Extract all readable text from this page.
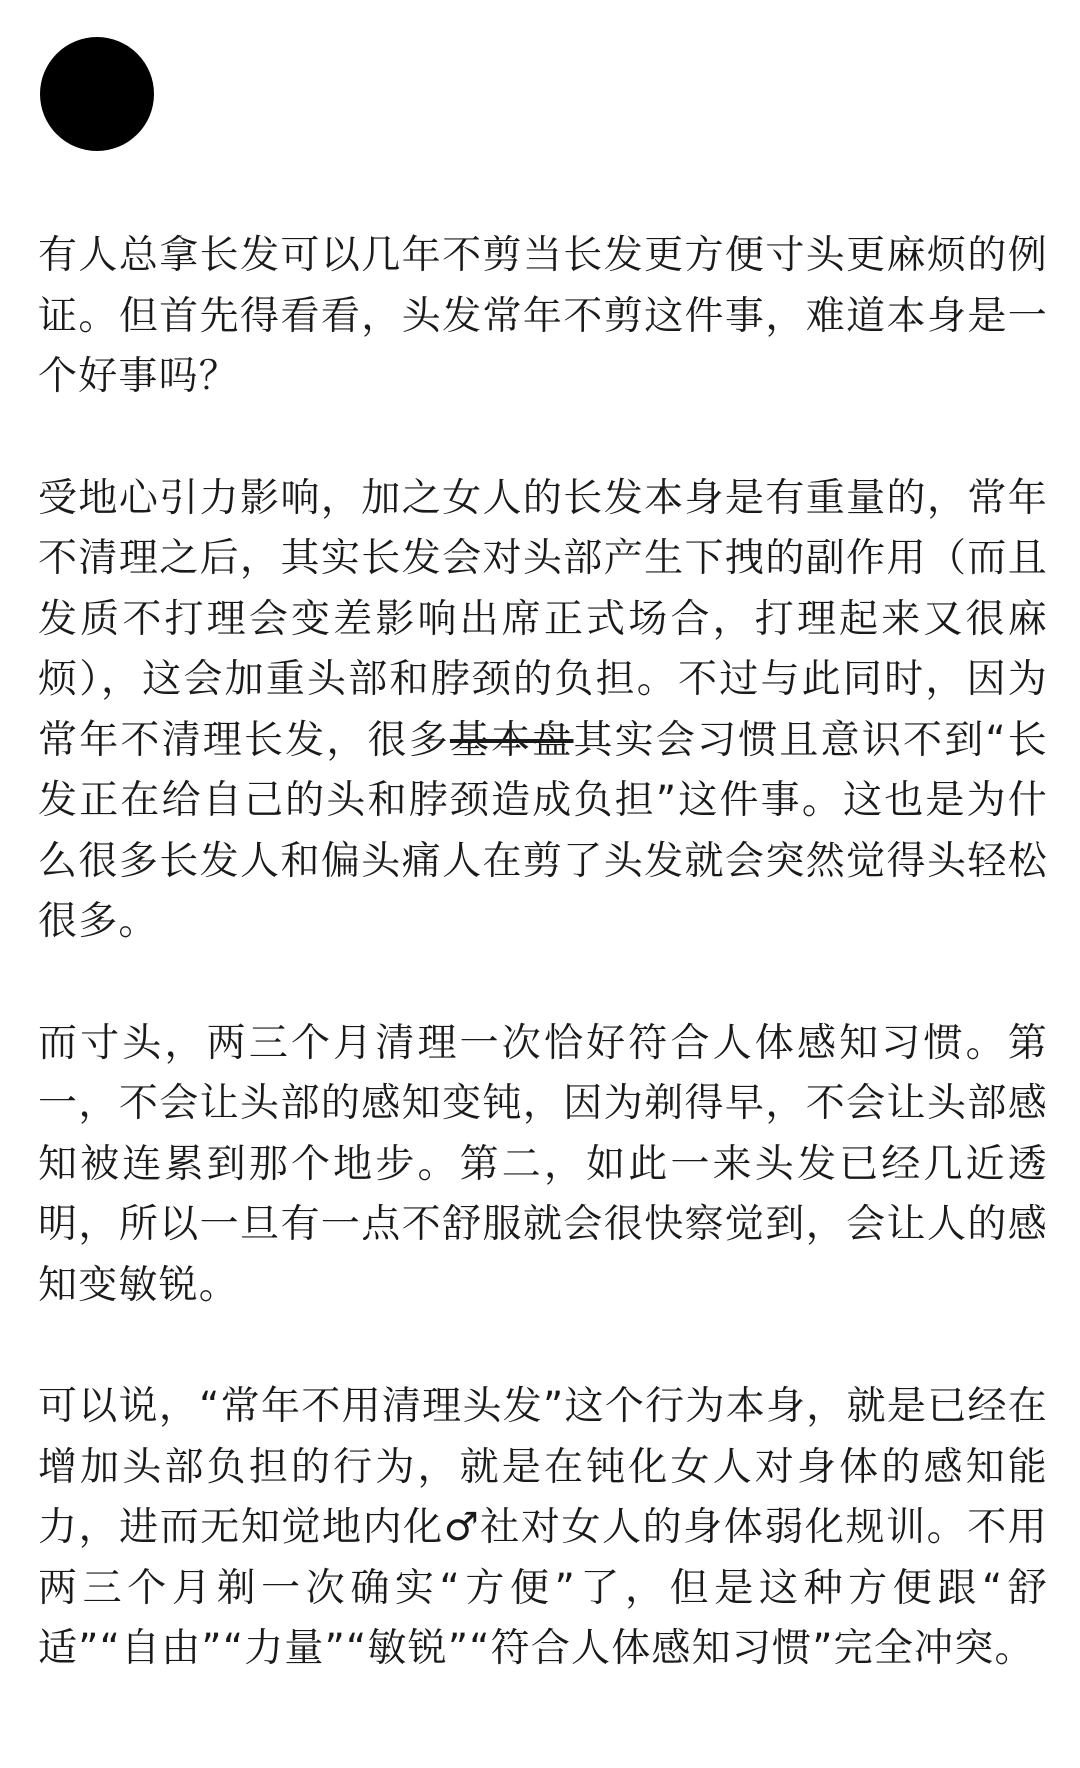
有人总拿长发可以几年不剪当长发更方便寸头更麻烦的例证。但首先得看看，头发常年不剪这件事，难道本身是一个好事吗？

受地心引力影响，加之女人的长发本身是有重量的，常年不清理之后，其实长发会对头部产生下拽的副作用（而且发质不打理会变差影响出席正式场合，打理起来又很麻烦），这会加重头部和脖颈的负担。不过与此同时，因为常年不清理长发，很多基本盘其实会习惯且意识不到“长发正在给自己的头和脖颈造成负担”这件事。这也是为什么很多长发人和偏头痛人在剪了头发就会突然觉得头轻松很多。

而寸头，两三个月清理一次恰好符合人体感知习惯。第一，不会让头部的感知变钝，因为剃得早，不会让头部感知被连累到那个地步。第二，如此一来头发已经几近透明，所以一旦有一点不舒服就会很快察觉到，会让人的感知变敏锐。

可以说，“常年不用清理头发”这个行为本身，就是已经在增加头部负担的行为，就是在钝化女人对身体的感知能力，进而无知觉地内化♂社对女人的身体弱化规训。不用两三个月剃一次确实“方便”了，但是这种方便跟“舒适”“自由”“力量”“敏锐”“符合人体感知习惯”完全冲突。
